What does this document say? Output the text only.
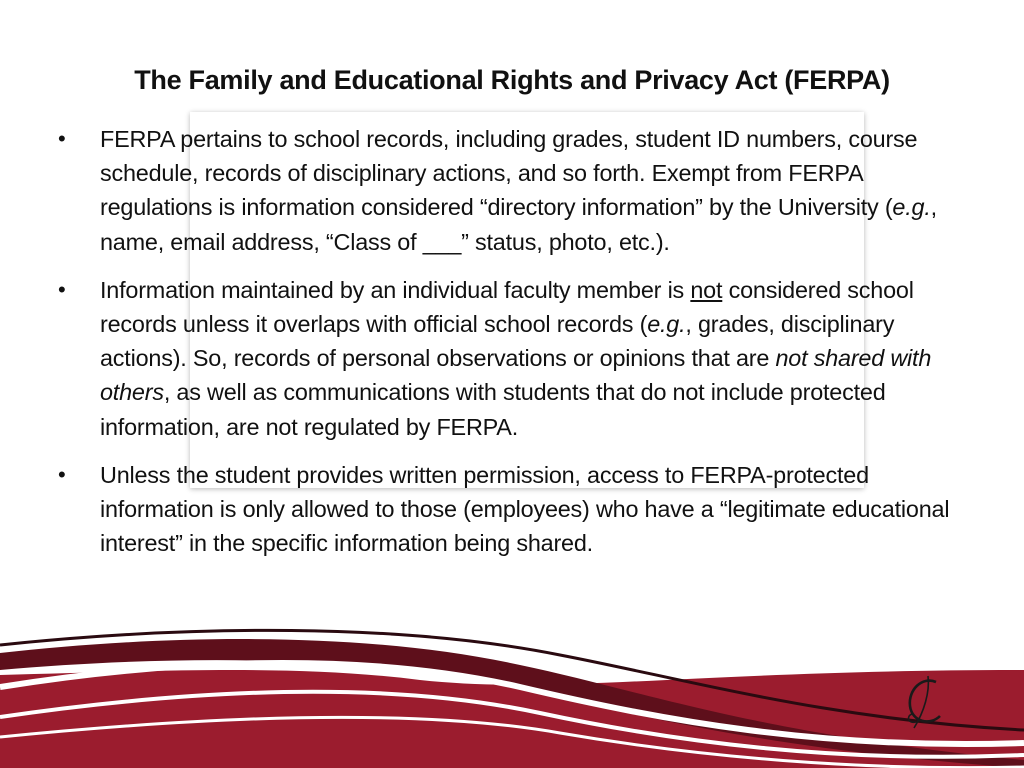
The Family and Educational Rights and Privacy Act (FERPA)
• FERPA pertains to school records, including grades, student ID numbers, course schedule, records of disciplinary actions, and so forth. Exempt from FERPA regulations is information considered “directory information” by the University (e.g., name, email address, “Class of ___” status, photo, etc.).
• Information maintained by an individual faculty member is not considered school records unless it overlaps with official school records (e.g., grades, disciplinary actions). So, records of personal observations or opinions that are not shared with others, as well as communications with students that do not include protected information, are not regulated by FERPA.
• Unless the student provides written permission, access to FERPA-protected information is only allowed to those (employees) who have a “legitimate educational interest” in the specific information being shared.
